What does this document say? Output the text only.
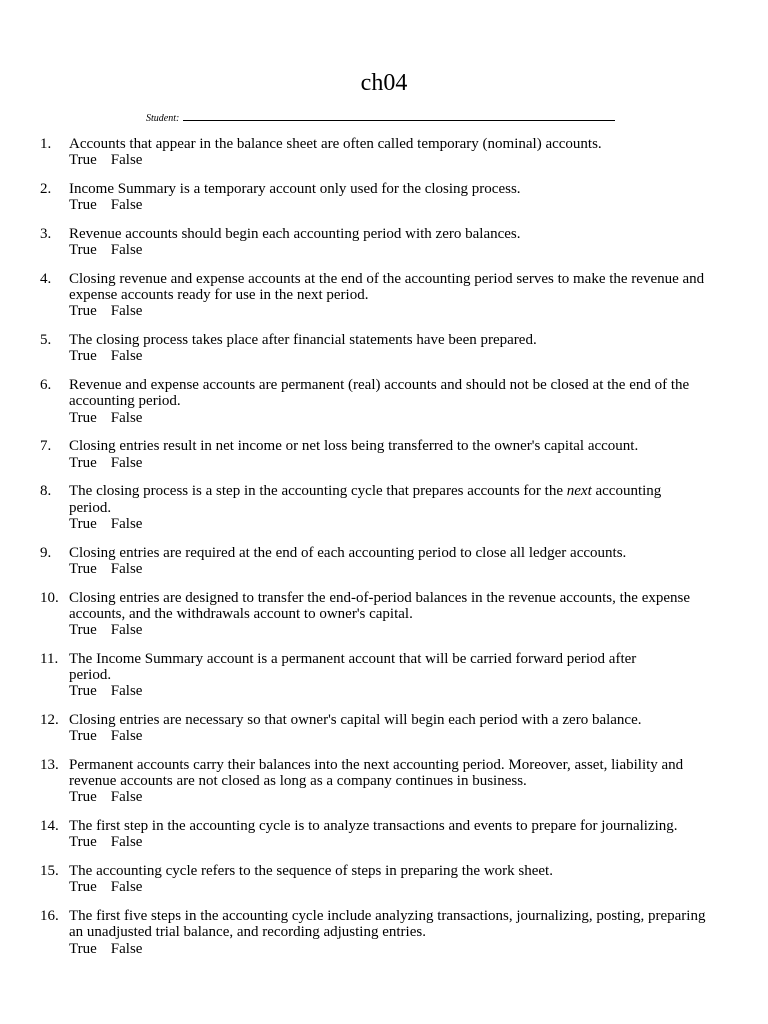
ch04
Student:
1. Accounts that appear in the balance sheet are often called temporary (nominal) accounts.
True False
2. Income Summary is a temporary account only used for the closing process.
True False
3. Revenue accounts should begin each accounting period with zero balances.
True False
4. Closing revenue and expense accounts at the end of the accounting period serves to make the revenue and
expense accounts ready for use in the next period.
True False
5. The closing process takes place after financial statements have been prepared.
True False
6. Revenue and expense accounts are permanent (real) accounts and should not be closed at the end of the
accounting period.
True False
7. Closing entries result in net income or net loss being transferred to the owner's capital account.
True False
8. The closing process is a step in the accounting cycle that prepares accounts for the next accounting
period.
True False
9. Closing entries are required at the end of each accounting period to close all ledger accounts.
True False
10. Closing entries are designed to transfer the end-of-period balances in the revenue accounts, the expense
accounts, and the withdrawals account to owner's capital.
True False
11. The Income Summary account is a permanent account that will be carried forward period after
period.
True False
12. Closing entries are necessary so that owner's capital will begin each period with a zero balance.
True False
13. Permanent accounts carry their balances into the next accounting period. Moreover, asset, liability and
revenue accounts are not closed as long as a company continues in business.
True False
14. The first step in the accounting cycle is to analyze transactions and events to prepare for journalizing.
True False
15. The accounting cycle refers to the sequence of steps in preparing the work sheet.
True False
16. The first five steps in the accounting cycle include analyzing transactions, journalizing, posting, preparing
an unadjusted trial balance, and recording adjusting entries.
True False
